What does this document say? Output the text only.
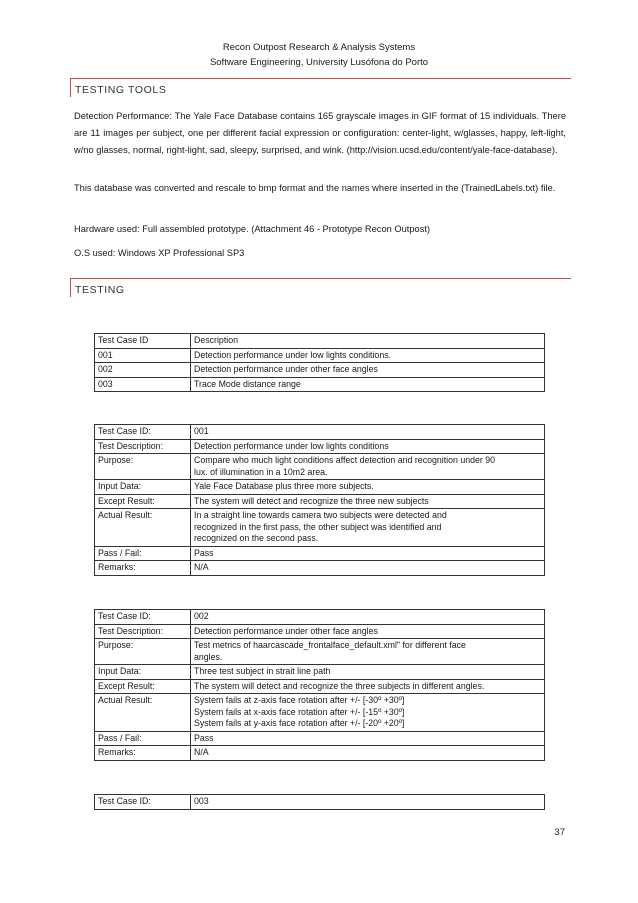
Recon Outpost Research & Analysis Systems
Software Engineering, University Lusófona do Porto
TESTING TOOLS
Detection Performance: The Yale Face Database contains 165 grayscale images in GIF format of 15 individuals. There are 11 images per subject, one per different facial expression or configuration: center-light, w/glasses, happy, left-light, w/no glasses, normal, right-light, sad, sleepy, surprised, and wink. (http://vision.ucsd.edu/content/yale-face-database).
This database was converted and rescale to bmp format and the names where inserted in the (TrainedLabels.txt) file.
Hardware used: Full assembled prototype. (Attachment 46 - Prototype Recon Outpost)
O.S used: Windows XP Professional SP3
TESTING
Test Case ID	Description
001	Detection performance under low lights conditions.
002	Detection performance under other face angles
003	Trace Mode distance range
Test Case ID:	001
Test Description:	Detection performance under low lights conditions
Purpose:	Compare who much light conditions affect detection and recognition under 90
lux. of illumination in a 10m2 area.

Input Data:	Yale Face Database plus three more subjects.
Except Result:	The system will detect and recognize the three new subjects
Actual Result:	In a straight line towards camera two subjects were detected and
recognized in the first pass, the other subject was identified and
recognized on the second pass.

Pass / Fail:	Pass
Remarks:	N/A
Test Case ID:	002
Test Description:	Detection performance under other face angles
Purpose:	Test metrics of haarcascade_frontalface_default.xml" for different face
angles.

Input Data:	Three test subject in strait line path
Except Result:	The system will detect and recognize the three subjects in different angles.
Actual Result:	System fails at z-axis face rotation after +/- [-30º +30º]
System fails at x-axis face rotation after +/- [-15º +30º]
System fails at y-axis face rotation after +/- [-20º +20º]

Pass / Fail:	Pass
Remarks:	N/A
Test Case ID:	003
37
